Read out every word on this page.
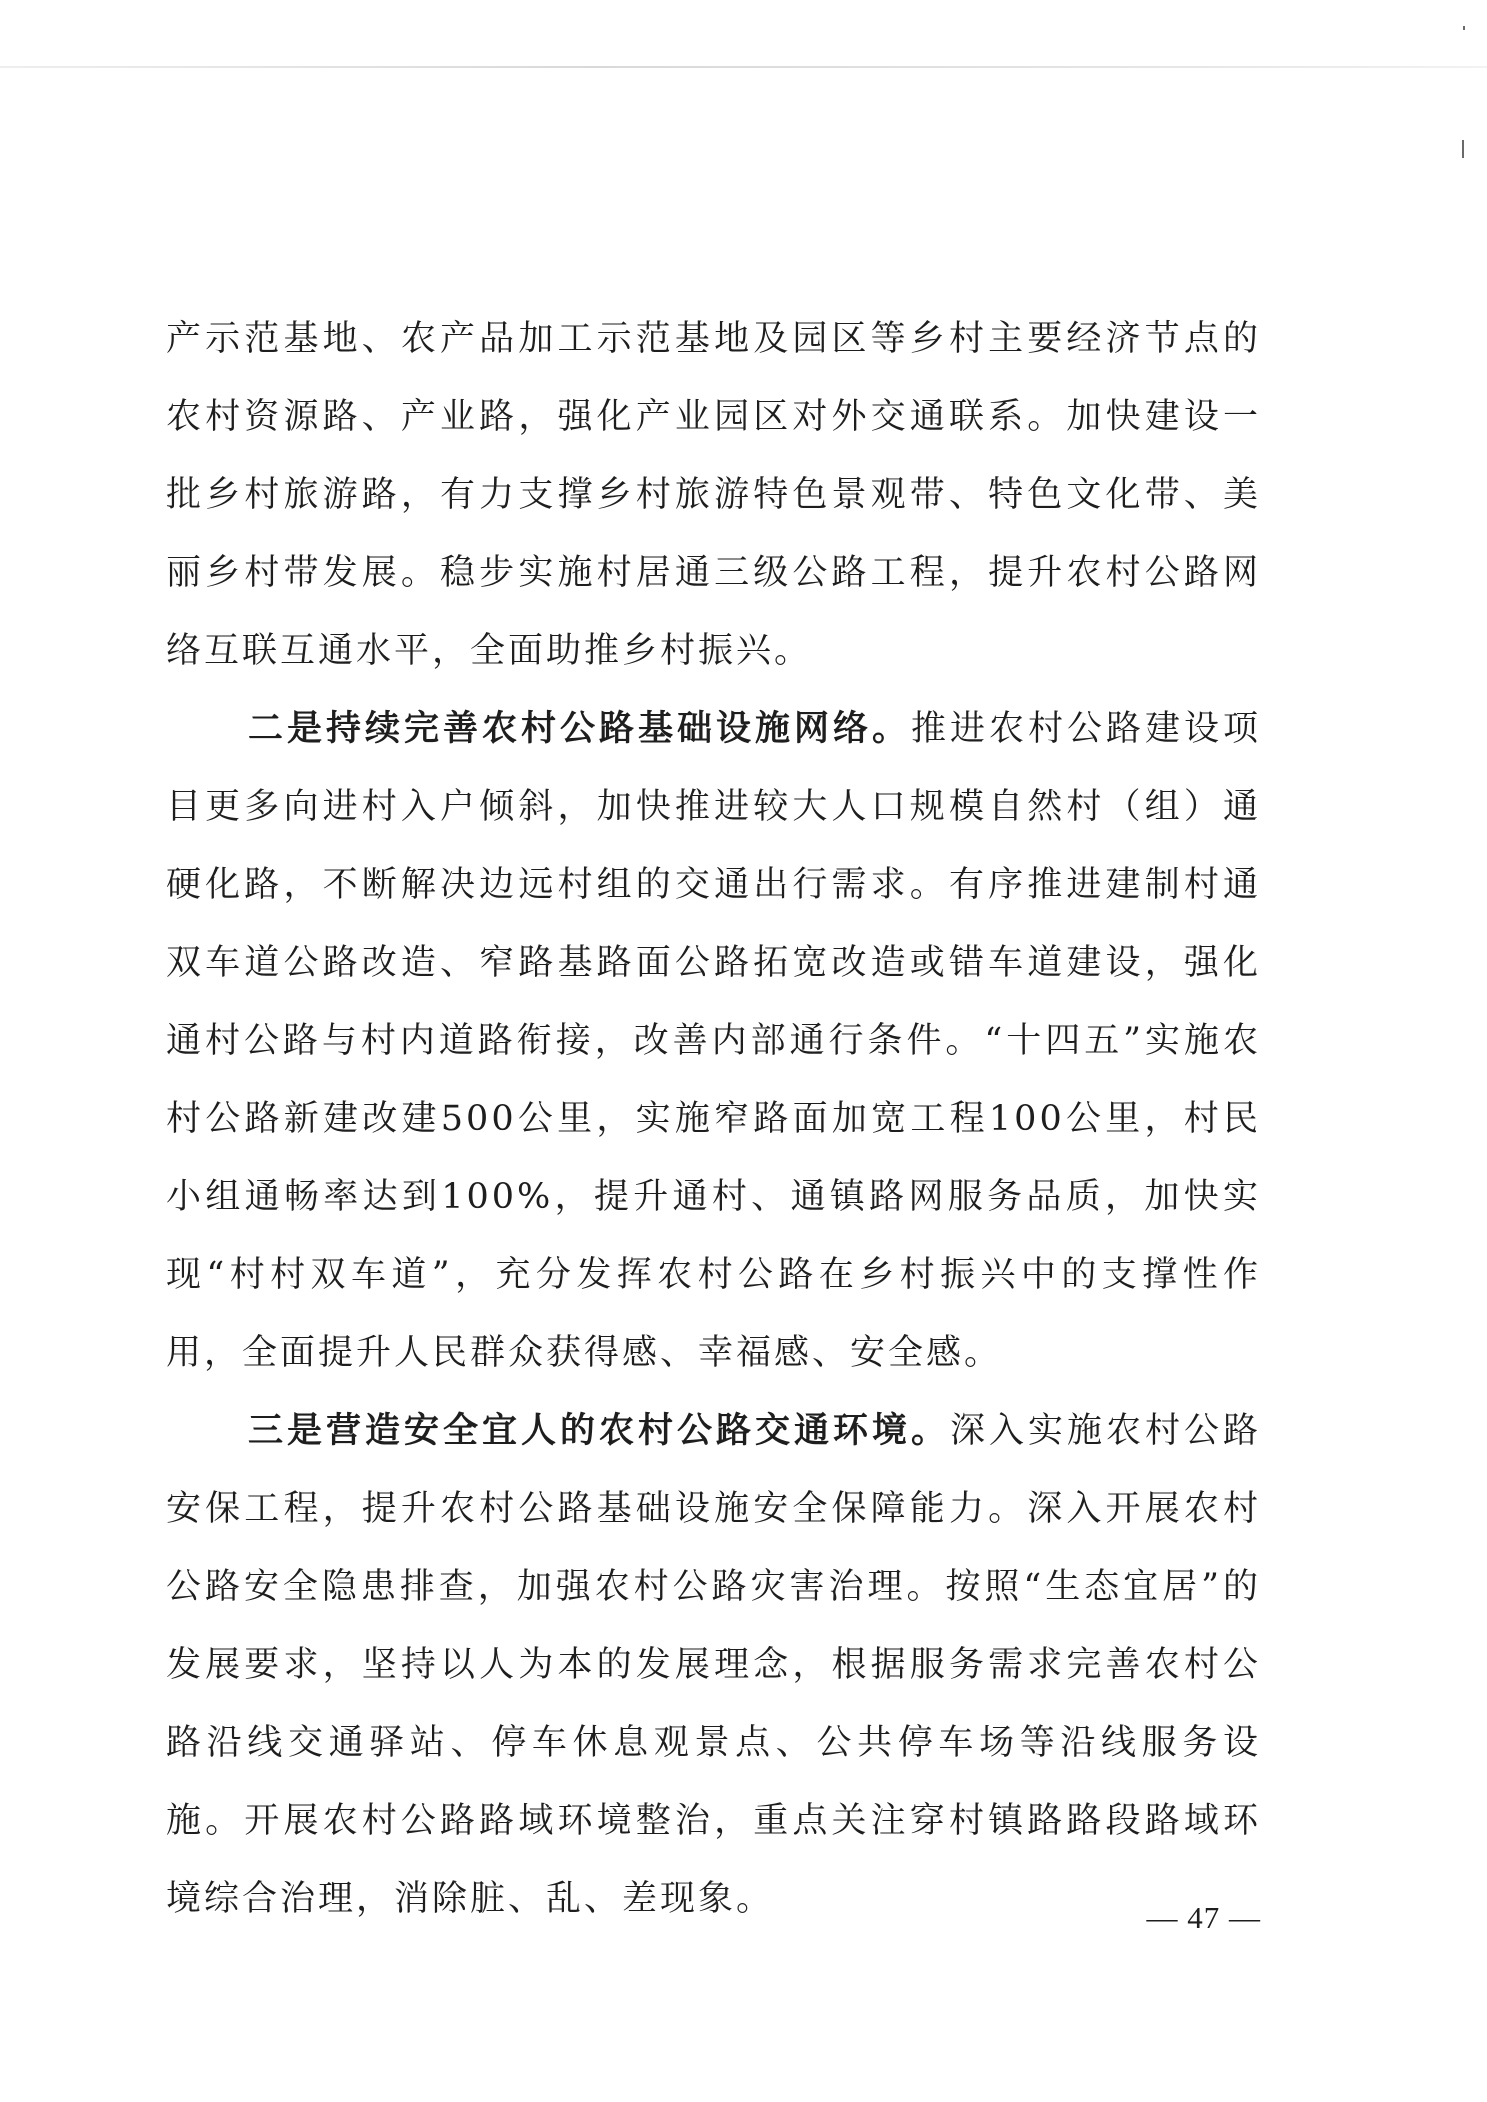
产示范基地、农产品加工示范基地及园区等乡村主要经济节点的农村资源路、产业路，强化产业园区对外交通联系。加快建设一批乡村旅游路，有力支撑乡村旅游特色景观带、特色文化带、美丽乡村带发展。稳步实施村居通三级公路工程，提升农村公路网络互联互通水平，全面助推乡村振兴。

二是持续完善农村公路基础设施网络。推进农村公路建设项目更多向进村入户倾斜，加快推进较大人口规模自然村（组）通硬化路，不断解决边远村组的交通出行需求。有序推进建制村通双车道公路改造、窄路基路面公路拓宽改造或错车道建设，强化通村公路与村内道路衔接，改善内部通行条件。“十四五”实施农村公路新建改建500公里，实施窄路面加宽工程100公里，村民小组通畅率达到100%，提升通村、通镇路网服务品质，加快实现“村村双车道”，充分发挥农村公路在乡村振兴中的支撑性作用，全面提升人民群众获得感、幸福感、安全感。

三是营造安全宜人的农村公路交通环境。深入实施农村公路安保工程，提升农村公路基础设施安全保障能力。深入开展农村公路安全隐患排查，加强农村公路灾害治理。按照“生态宜居”的发展要求，坚持以人为本的发展理念，根据服务需求完善农村公路沿线交通驿站、停车休息观景点、公共停车场等沿线服务设施。开展农村公路路域环境整治，重点关注穿村镇路路段路域环境综合治理，消除脏、乱、差现象。	— 47 —
